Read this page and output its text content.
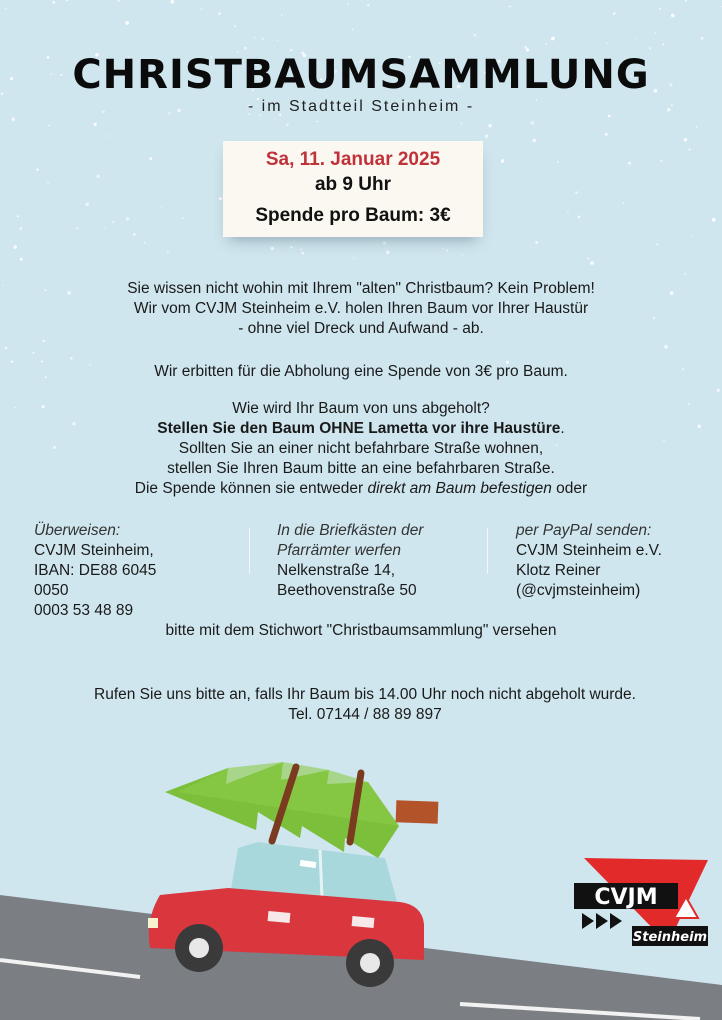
CHRISTBAUMSAMMLUNG
- im Stadtteil Steinheim -
Sa, 11. Januar 2025
ab 9 Uhr
Spende pro Baum: 3€

Sie wissen nicht wohin mit Ihrem "alten" Christbaum? Kein Problem!

Wir vom CVJM Steinheim e.V. holen Ihren Baum vor Ihrer Haustür

- ohne viel Dreck und Aufwand - ab.

Wir erbitten für die Abholung eine Spende von 3€ pro Baum.

Wie wird Ihr Baum von uns abgeholt?

Stellen Sie den Baum OHNE Lametta vor ihre Haustüre.

Sollten Sie an einer nicht befahrbare Straße wohnen,

stellen Sie Ihren Baum bitte an eine befahrbaren Straße.

Die Spende können sie entweder direkt am Baum befestigen oder

Überweisen:
CVJM Steinheim,
IBAN: DE88 6045
0050
0003 53 48 89
In die Briefkästen der
Pfarrämter werfen
Nelkenstraße 14,
Beethovenstraße 50
per PayPal senden:
CVJM Steinheim e.V.
Klotz Reiner
(@cvjmsteinheim)
bitte mit dem Stichwort "Christbaumsammlung" versehen

Rufen Sie uns bitte an, falls Ihr Baum bis 14.00 Uhr noch nicht abgeholt wurde.

Tel. 07144 / 88 89 897

CVJM
Steinheim
